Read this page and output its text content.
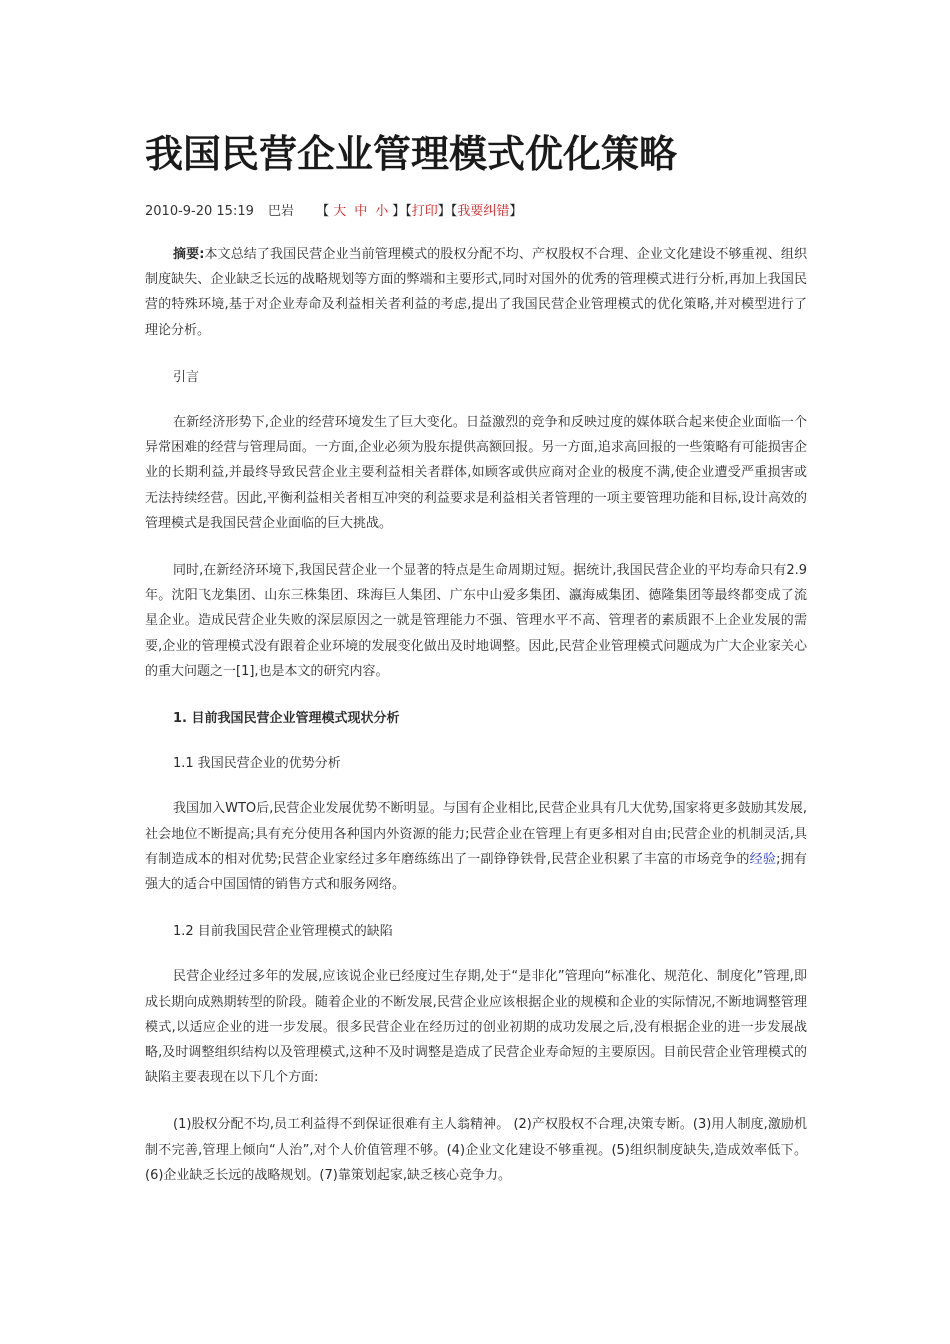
我国民营企业管理模式优化策略
2010-9-20 15:19 巴岩 【 大 中 小 】【打印】【我要纠错】

摘要:本文总结了我国民营企业当前管理模式的股权分配不均、产权股权不合理、企业文化建设不够重视、组织制度缺失、企业缺乏长远的战略规划等方面的弊端和主要形式,同时对国外的优秀的管理模式进行分析,再加上我国民营的特殊环境,基于对企业寿命及利益相关者利益的考虑,提出了我国民营企业管理模式的优化策略,并对模型进行了理论分析。

引言

在新经济形势下,企业的经营环境发生了巨大变化。日益激烈的竞争和反映过度的媒体联合起来使企业面临一个异常困难的经营与管理局面。一方面,企业必须为股东提供高额回报。另一方面,追求高回报的一些策略有可能损害企业的长期利益,并最终导致民营企业主要利益相关者群体,如顾客或供应商对企业的极度不满,使企业遭受严重损害或无法持续经营。因此,平衡利益相关者相互冲突的利益要求是利益相关者管理的一项主要管理功能和目标,设计高效的管理模式是我国民营企业面临的巨大挑战。

同时,在新经济环境下,我国民营企业一个显著的特点是生命周期过短。据统计,我国民营企业的平均寿命只有2.9年。沈阳飞龙集团、山东三株集团、珠海巨人集团、广东中山爱多集团、瀛海威集团、德隆集团等最终都变成了流星企业。造成民营企业失败的深层原因之一就是管理能力不强、管理水平不高、管理者的素质跟不上企业发展的需要,企业的管理模式没有跟着企业环境的发展变化做出及时地调整。因此,民营企业管理模式问题成为广大企业家关心的重大问题之一[1],也是本文的研究内容。

1. 目前我国民营企业管理模式现状分析

1.1 我国民营企业的优势分析

我国加入WTO后,民营企业发展优势不断明显。与国有企业相比,民营企业具有几大优势,国家将更多鼓励其发展,社会地位不断提高;具有充分使用各种国内外资源的能力;民营企业在管理上有更多相对自由;民营企业的机制灵活,具有制造成本的相对优势;民营企业家经过多年磨练练出了一副铮铮铁骨,民营企业积累了丰富的市场竞争的经验;拥有强大的适合中国国情的销售方式和服务网络。

1.2 目前我国民营企业管理模式的缺陷

民营企业经过多年的发展,应该说企业已经度过生存期,处于“是非化”管理向“标准化、规范化、制度化”管理,即成长期向成熟期转型的阶段。随着企业的不断发展,民营企业应该根据企业的规模和企业的实际情况,不断地调整管理模式,以适应企业的进一步发展。很多民营企业在经历过的创业初期的成功发展之后,没有根据企业的进一步发展战略,及时调整组织结构以及管理模式,这种不及时调整是造成了民营企业寿命短的主要原因。目前民营企业管理模式的缺陷主要表现在以下几个方面:

(1)股权分配不均,员工利益得不到保证很难有主人翁精神。 (2)产权股权不合理,决策专断。(3)用人制度,激励机制不完善,管理上倾向“人治”,对个人价值管理不够。(4)企业文化建设不够重视。(5)组织制度缺失,造成效率低下。(6)企业缺乏长远的战略规划。(7)靠策划起家,缺乏核心竞争力。
